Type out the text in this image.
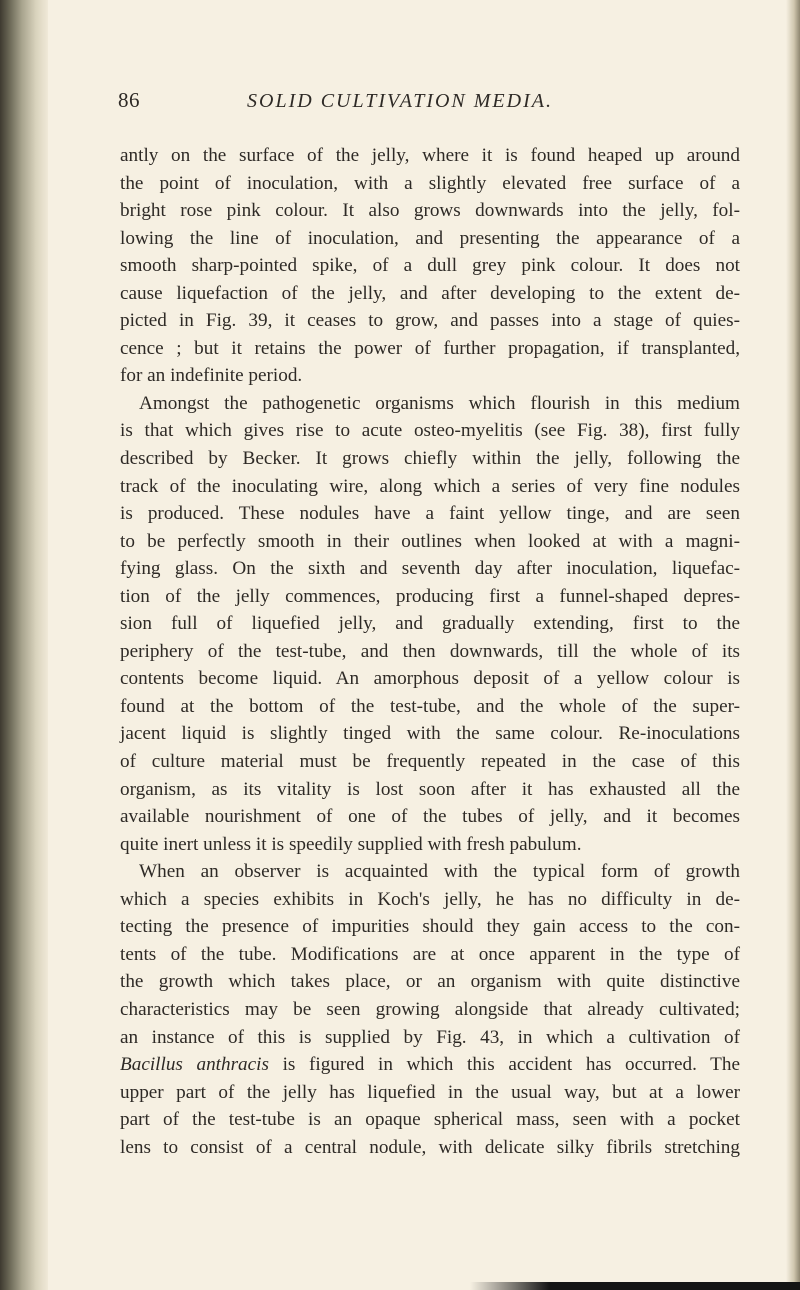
86	SOLID CULTIVATION MEDIA.
antly on the surface of the jelly, where it is found heaped up around
the point of inoculation, with a slightly elevated free surface of a
bright rose pink colour. It also grows downwards into the jelly, fol-
lowing the line of inoculation, and presenting the appearance of a
smooth sharp-pointed spike, of a dull grey pink colour. It does not
cause liquefaction of the jelly, and after developing to the extent de-
picted in Fig. 39, it ceases to grow, and passes into a stage of quies-
cence ; but it retains the power of further propagation, if transplanted,
for an indefinite period.
Amongst the pathogenetic organisms which flourish in this medium
is that which gives rise to acute osteo-myelitis (see Fig. 38), first fully
described by Becker. It grows chiefly within the jelly, following the
track of the inoculating wire, along which a series of very fine nodules
is produced. These nodules have a faint yellow tinge, and are seen
to be perfectly smooth in their outlines when looked at with a magni-
fying glass. On the sixth and seventh day after inoculation, liquefac-
tion of the jelly commences, producing first a funnel-shaped depres-
sion full of liquefied jelly, and gradually extending, first to the
periphery of the test-tube, and then downwards, till the whole of its
contents become liquid. An amorphous deposit of a yellow colour is
found at the bottom of the test-tube, and the whole of the super-
jacent liquid is slightly tinged with the same colour. Re-inoculations
of culture material must be frequently repeated in the case of this
organism, as its vitality is lost soon after it has exhausted all the
available nourishment of one of the tubes of jelly, and it becomes
quite inert unless it is speedily supplied with fresh pabulum.
When an observer is acquainted with the typical form of growth
which a species exhibits in Koch's jelly, he has no difficulty in de-
tecting the presence of impurities should they gain access to the con-
tents of the tube. Modifications are at once apparent in the type of
the growth which takes place, or an organism with quite distinctive
characteristics may be seen growing alongside that already cultivated;
an instance of this is supplied by Fig. 43, in which a cultivation of
Bacillus anthracis is figured in which this accident has occurred. The
upper part of the jelly has liquefied in the usual way, but at a lower
part of the test-tube is an opaque spherical mass, seen with a pocket
lens to consist of a central nodule, with delicate silky fibrils stretching
